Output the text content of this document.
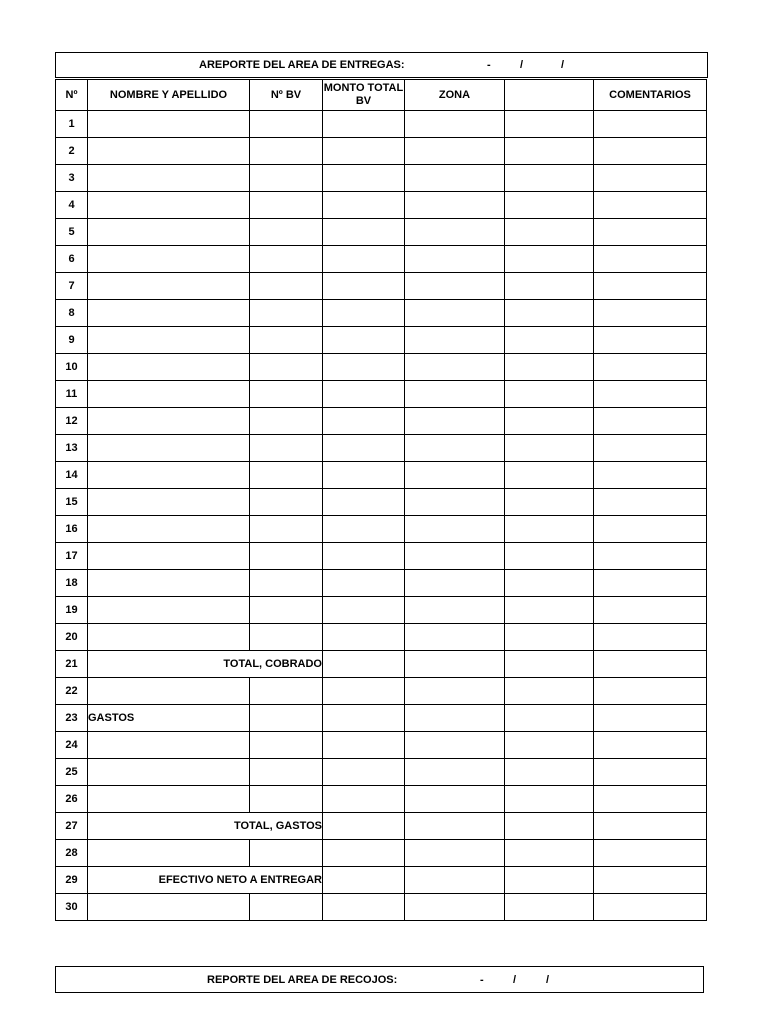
AREPORTE DEL AREA DE ENTREGAS:	-	/	/
Nº	NOMBRE Y APELLIDO	Nº BV	MONTO TOTAL BV	ZONA		COMENTARIOS
1						
2						
3						
4						
5						
6						
7						
8						
9						
10						
11						
12						
13						
14						
15						
16						
17						
18						
19						
20						
21	TOTAL, COBRADO					
22						
23	GASTOS					
24						
25						
26						
27	TOTAL, GASTOS					
28						
29	EFECTIVO NETO A ENTREGAR					
30						
REPORTE DEL AREA DE RECOJOS:	-	/	/
